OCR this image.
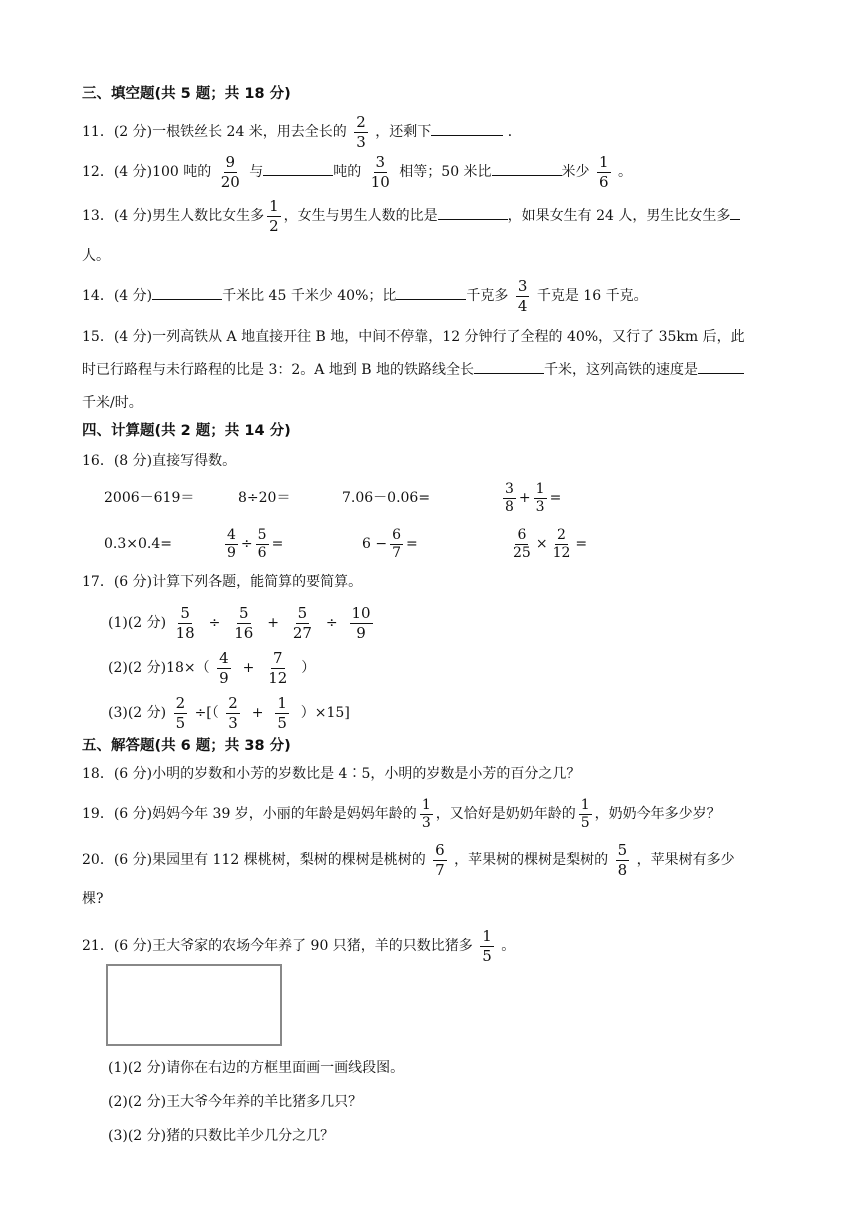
三、填空题(共 5 题；共 18 分)
11．(2 分)一根铁丝长 24 米，用去全长的 $\frac{2}{3}$ ，还剩下	．
12．(4 分)100 吨的 $\frac{9}{20}$ 与	吨的 $\frac{3}{10}$ 相等；50 米比	米少 $\frac{1}{6}$ 。
13．(4 分)男生人数比女生多 $\frac{1}{2}$ ，女生与男生人数的比是	，如果女生有 24 人，男生比女生多
人。
14．(4 分)	千米比 45 千米少 40%；比	千克多 $\frac{3}{4}$ 千克是 16 千克。
15．(4 分)一列高铁从 A 地直接开往 B 地，中间不停靠，12 分钟行了全程的 40%，又行了 35km 后，此
时已行路程与未行路程的比是 3：2。A 地到 B 地的铁路线全长	千米，这列高铁的速度是
千米/时。
四、计算题(共 2 题；共 14 分)
16．(8 分)直接写得数。
2006－619＝	8÷20＝	7.06－0.06=	$\frac{3}{8} + \frac{1}{3}$ =
0.3×0.4=	$\frac{4}{9} \div \frac{5}{6}$ =	$6 - \frac{6}{7}$ =	$\frac{6}{25} \times \frac{2}{12}$ =
17．(6 分)计算下列各题，能简算的要简算。
(1)(2 分) $\frac{5}{18} \div \frac{5}{16} + \frac{5}{27} \div \frac{10}{9}$
(2)(2 分)$18\times( \frac{4}{9} + \frac{7}{12}$ ）
(3)(2 分) $\frac{2}{5}$ ÷[（ $\frac{2}{3} + \frac{1}{5} )\times 15$]
五、解答题(共 6 题；共 38 分)
18．(6 分)小明的岁数和小芳的岁数比是 4∶5，小明的岁数是小芳的百分之几？
19．(6 分)妈妈今年 39 岁，小丽的年龄是妈妈年龄的 $\frac{1}{3}$ ，又恰好是奶奶年龄的 $\frac{1}{5}$ ，奶奶今年多少岁？
20．(6 分)果园里有 112 棵桃树，梨树的棵树是桃树的 $\frac{6}{7}$ ，苹果树的棵树是梨树的 $\frac{5}{8}$ ，苹果树有多少
棵?
21．(6 分)王大爷家的农场今年养了 90 只猪，羊的只数比猪多 $\frac{1}{5}$ 。
(1)(2 分)请你在右边的方框里面画一画线段图。
(2)(2 分)王大爷今年养的羊比猪多几只？
(3)(2 分)猪的只数比羊少几分之几？
